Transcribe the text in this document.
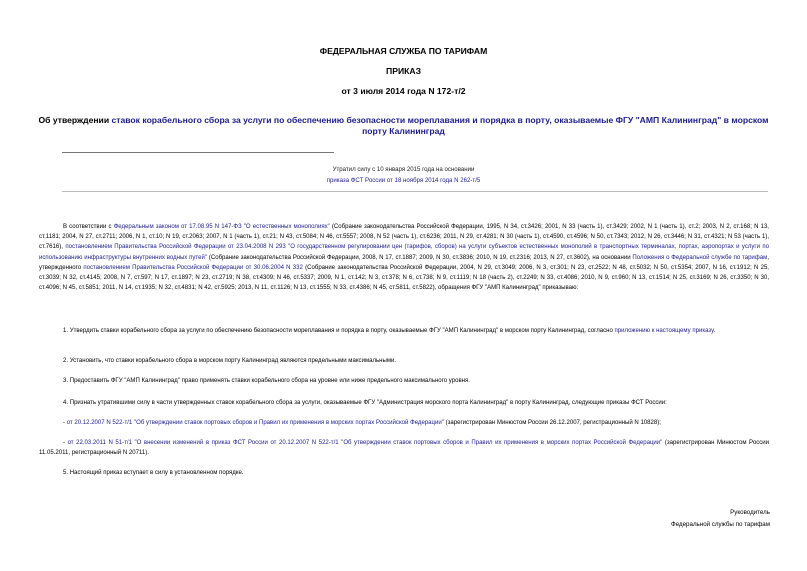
ФЕДЕРАЛЬНАЯ СЛУЖБА ПО ТАРИФАМ
ПРИКАЗ
от 3 июля 2014 года N 172-т/2
Об утверждении ставок корабельного сбора за услуги по обеспечению безопасности мореплавания и порядка в порту, оказываемые ФГУ "АМП Калининград" в морском порту Калининград
Утратил силу с 10 января 2015 года на основании
приказа ФСТ России от 18 ноября 2014 года N 262-т/5
В соответствии с Федеральным законом от 17.08.95 N 147-ФЗ "О естественных монополиях" (Собрание законодательства Российской Федерации, 1995, N 34, ст.3426; 2001, N 33 (часть 1), ст.3429; 2002, N 1 (часть 1), ст.2; 2003, N 2, ст.168; N 13, ст.1181; 2004, N 27, ст.2711; 2006, N 1, ст.10; N 19, ст.2063; 2007, N 1 (часть 1), ст.21; N 43, ст.5084; N 46, ст.5557; 2008, N 52 (часть 1), ст.6236; 2011, N 29, ст.4281; N 30 (часть 1), ст.4590, ст.4596; N 50, ст.7343; 2012, N 26, ст.3446; N 31, ст.4321; N 53 (часть 1), ст.7616), постановлением Правительства Российской Федерации от 23.04.2008 N 293 "О государственном регулировании цен (тарифов, сборов) на услуги субъектов естественных монополий в транспортных терминалах, портах, аэропортах и услуги по использованию инфраструктуры внутренних водных путей" (Собрание законодательства Российской Федерации, 2008, N 17, ст.1887; 2009, N 30, ст.3836; 2010, N 19, ст.2316; 2013, N 27, ст.3602), на основании Положения о Федеральной службе по тарифам, утвержденного постановлением Правительства Российской Федерации от 30.06.2004 N 332 (Собрание законодательства Российской Федерации, 2004, N 29, ст.3049; 2006, N 3, ст.301; N 23, ст.2522; N 48, ст.5032; N 50, ст.5354; 2007, N 16, ст.1912; N 25, ст.3039; N 32, ст.4145; 2008, N 7, ст.597; N 17, ст.1897; N 23, ст.2719; N 38, ст.4309; N 46, ст.5337; 2009, N 1, ст.142; N 3, ст.378; N 6, ст.738; N 9, ст.1119; N 18 (часть 2), ст.2249; N 33, ст.4086; 2010, N 9, ст.960; N 13, ст.1514; N 25, ст.3169; N 26, ст.3350; N 30, ст.4096; N 45, ст.5851; 2011, N 14, ст.1935; N 32, ст.4831; N 42, ст.5925; 2013, N 11, ст.1126; N 13, ст.1555; N 33, ст.4386; N 45, ст.5811, ст.5822), обращения ФГУ "АМП Калининград" приказываю:
1. Утвердить ставки корабельного сбора за услуги по обеспечению безопасности мореплавания и порядка в порту, оказываемые ФГУ "АМП Калининград" в морском порту Калининград, согласно приложению к настоящему приказу.
2. Установить, что ставки корабельного сбора в морском порту Калининград являются предельными максимальными.
3. Предоставить ФГУ "АМП Калининград" право применять ставки корабельного сбора на уровне или ниже предельного максимального уровня.
4. Признать утратившими силу в части утвержденных ставок корабельного сбора за услуги, оказываемые ФГУ "Администрация морского порта Калининград" в порту Калининград, следующие приказы ФСТ России:
- от 20.12.2007 N 522-т/1 "Об утверждении ставок портовых сборов и Правил их применения в морских портах Российской Федерации" (зарегистрирован Минюстом России 26.12.2007, регистрационный N 10828);
- от 22.03.2011 N 51-т/1 "О внесении изменений в приказ ФСТ России от 20.12.2007 N 522-т/1 "Об утверждении ставок портовых сборов и Правил их применения в морских портах Российской Федерации" (зарегистрирован Минюстом России 11.05.2011, регистрационный N 20711).
5. Настоящий приказ вступает в силу в установленном порядке.
Руководитель
Федеральной службы по тарифам
